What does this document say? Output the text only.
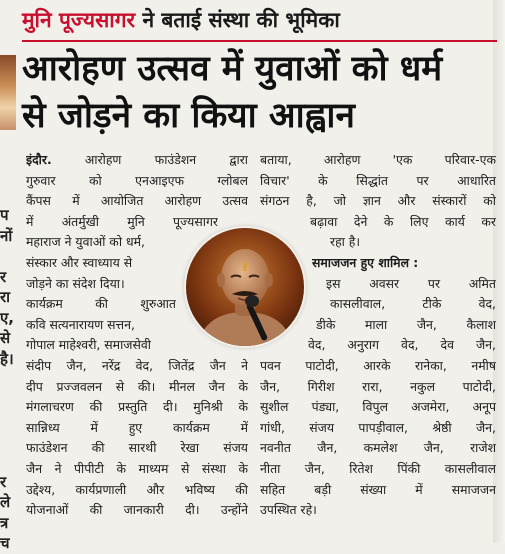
प
नों
र
रा
ए,
से
है।
र
ले
त्र
च
मुनि पूज्यसागर ने बताई संस्था की भूमिका
आरोहण उत्सव में युवाओं को धर्म
से जोड़ने का किया आह्वान
इंदौर. आरोहण फाउंडेशन द्वारा
गुरुवार को एनआइएफ ग्लोबल
कैंपस में आयोजित आरोहण उत्सव
में अंतर्मुखी मुनि पूज्यसागर
महाराज ने युवाओं को धर्म,
संस्कार और स्वाध्याय से
जोड़ने का संदेश दिया।
कार्यक्रम की शुरुआत
कवि सत्यनारायण सत्तन,
गोपाल माहेश्वरी, समाजसेवी
संदीप जैन, नरेंद्र वेद, जितेंद्र जैन ने
दीप प्रज्जवलन से की। मीनल जैन के
मंगलाचरण की प्रस्तुति दी। मुनिश्री के
सान्निध्य में हुए कार्यक्रम में
फाउंडेशन की सारथी रेखा संजय
जैन ने पीपीटी के माध्यम से संस्था के
उद्देश्य, कार्यप्रणाली और भविष्य की
योजनाओं की जानकारी दी। उन्होंने
बताया, आरोहण 'एक परिवार-एक
विचार' के सिद्धांत पर आधारित
संगठन है, जो ज्ञान और संस्कारों को
बढ़ावा देने के लिए कार्य कर
रहा है।
समाजजन हुए शामिल :
इस अवसर पर अमित
कासलीवाल, टीके वेद,
डीके माला जैन, कैलाश
वेद, अनुराग वेद, देव जैन,
पवन पाटोदी, आरके रानेका, नमीष
जैन, गिरीश रारा, नकुल पाटोदी,
सुशील पंड्या, विपुल अजमेरा, अनूप
गांधी, संजय पापड़ीवाल, श्रेष्ठी जैन,
नवनीत जैन, कमलेश जैन, राजेश
नीता जैन, रितेश पिंकी कासलीवाल
सहित बड़ी संख्या में समाजजन
उपस्थित रहे।
